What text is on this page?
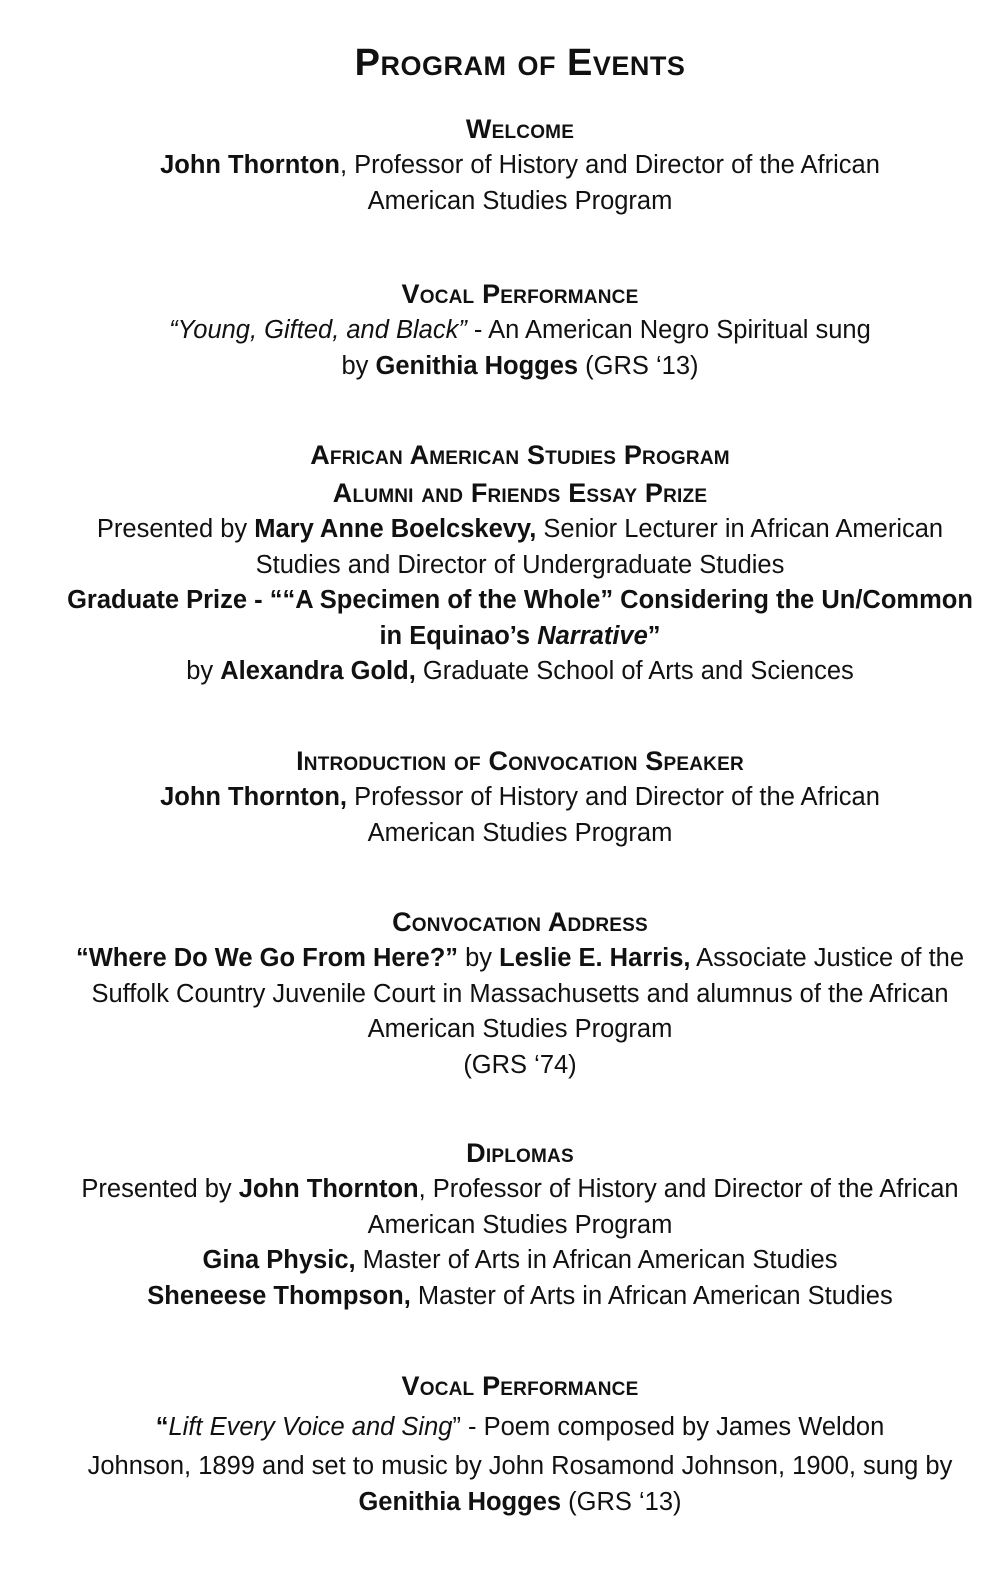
Program of Events
Welcome
John Thornton, Professor of History and Director of the African
American Studies Program
Vocal Performance
“Young, Gifted, and Black” - An American Negro Spiritual sung
by Genithia Hogges (GRS ‘13)
African American Studies Program
Alumni and Friends Essay Prize
Presented by Mary Anne Boelcskevy, Senior Lecturer in African American
Studies and Director of Undergraduate Studies
Graduate Prize - ““A Specimen of the Whole” Considering the Un/Common
in Equinao’s Narrative”
by Alexandra Gold, Graduate School of Arts and Sciences
Introduction of Convocation Speaker
John Thornton, Professor of History and Director of the African
American Studies Program
Convocation Address
“Where Do We Go From Here?” by Leslie E. Harris, Associate Justice of the
Suffolk Country Juvenile Court in Massachusetts and alumnus of the African
American Studies Program
(GRS ‘74)
Diplomas
Presented by John Thornton, Professor of History and Director of the African
American Studies Program
Gina Physic, Master of Arts in African American Studies
Sheneese Thompson, Master of Arts in African American Studies
Vocal Performance
“Lift Every Voice and Sing” - Poem composed by James Weldon
Johnson, 1899 and set to music by John Rosamond Johnson, 1900, sung by
Genithia Hogges (GRS ‘13)
